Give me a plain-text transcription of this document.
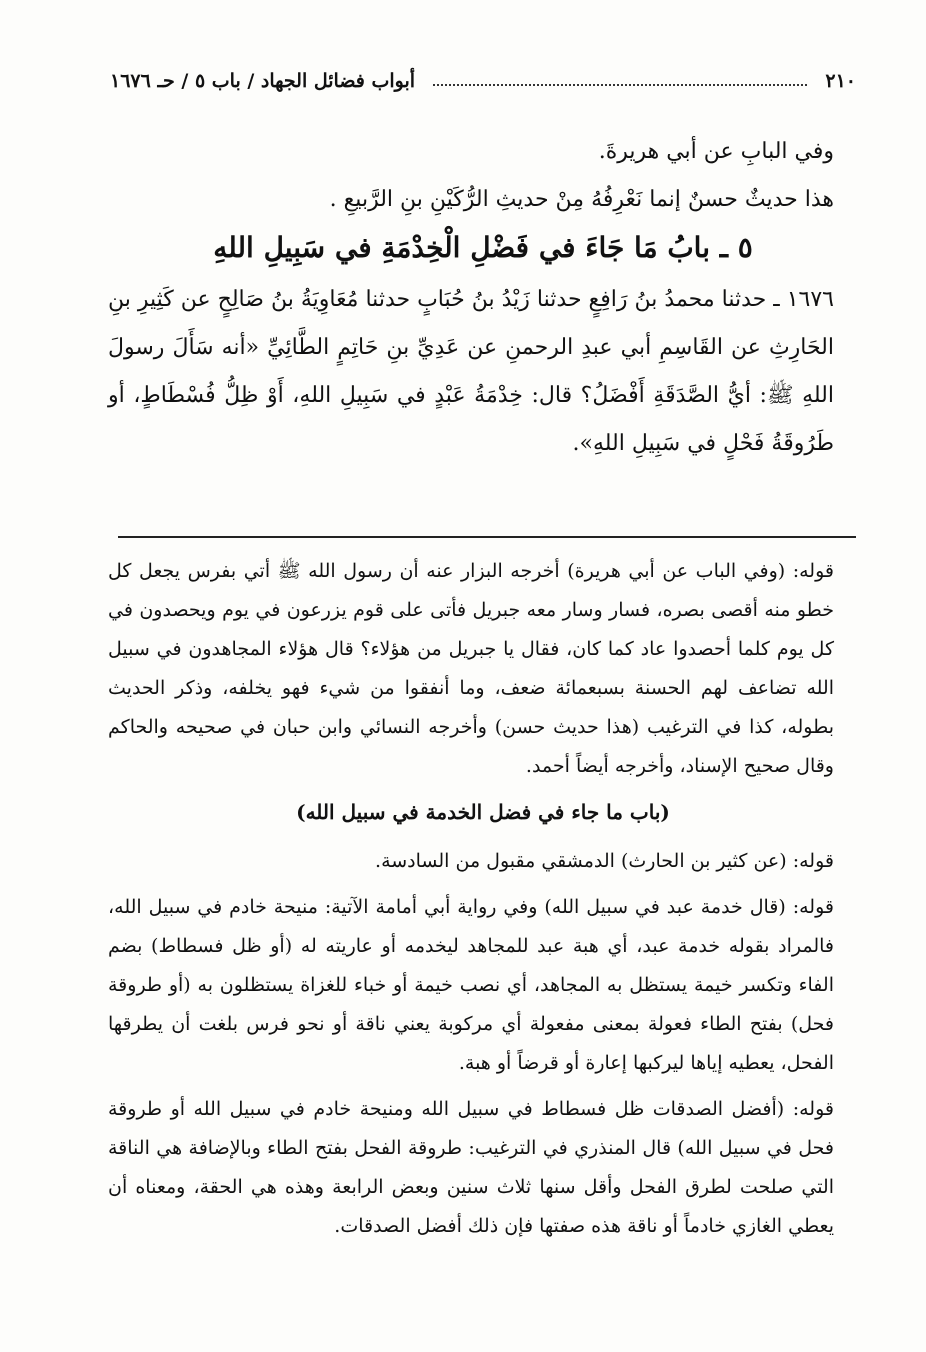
٢١٠
أبواب فضائل الجهاد / باب ٥ / حـ ١٦٧٦

وفي البابِ عن أبي هريرةَ.

هذا حديثٌ حسنٌ إنما نَعْرِفُهُ مِنْ حديثِ الرُّكَيْنِ بنِ الرَّبيعِ .

٥ ـ بابُ مَا جَاءَ في فَضْلِ الْخِدْمَةِ في سَبِيلِ اللهِ

١٦٧٦ ـ حدثنا محمدُ بنُ رَافِعٍ حدثنا زَيْدُ بنُ حُبَابٍ حدثنا مُعَاوِيَةُ بنُ صَالِحٍ عن كَثِيرِ بنِ الحَارِثِ عن القَاسِمِ أبي عبدِ الرحمنِ عن عَدِيِّ بنِ حَاتِمٍ الطَّائِيِّ «أنه سَأَلَ رسولَ اللهِ ﷺ: أيُّ الصَّدَقَةِ أَفْضَلُ؟ قال: خِدْمَةُ عَبْدٍ في سَبِيلِ اللهِ، أَوْ ظِلُّ فُسْطَاطٍ، أو طَرُوقَةُ فَحْلٍ في سَبِيلِ اللهِ».

قوله: (وفي الباب عن أبي هريرة) أخرجه البزار عنه أن رسول الله ﷺ أتي بفرس يجعل كل خطو منه أقصى بصره، فسار وسار معه جبريل فأتى على قوم يزرعون في يوم ويحصدون في كل يوم كلما أحصدوا عاد كما كان، فقال يا جبريل من هؤلاء؟ قال هؤلاء المجاهدون في سبيل الله تضاعف لهم الحسنة بسبعمائة ضعف، وما أنفقوا من شيء فهو يخلفه، وذكر الحديث بطوله، كذا في الترغيب (هذا حديث حسن) وأخرجه النسائي وابن حبان في صحيحه والحاكم وقال صحيح الإسناد، وأخرجه أيضاً أحمد.

(باب ما جاء في فضل الخدمة في سبيل الله)

قوله: (عن كثير بن الحارث) الدمشقي مقبول من السادسة.

قوله: (قال خدمة عبد في سبيل الله) وفي رواية أبي أمامة الآتية: منيحة خادم في سبيل الله، فالمراد بقوله خدمة عبد، أي هبة عبد للمجاهد ليخدمه أو عاريته له (أو ظل فسطاط) بضم الفاء وتكسر خيمة يستظل به المجاهد، أي نصب خيمة أو خباء للغزاة يستظلون به (أو طروقة فحل) بفتح الطاء فعولة بمعنى مفعولة أي مركوبة يعني ناقة أو نحو فرس بلغت أن يطرقها الفحل، يعطيه إياها ليركبها إعارة أو قرضاً أو هبة.

قوله: (أفضل الصدقات ظل فسطاط في سبيل الله ومنيحة خادم في سبيل الله أو طروقة فحل في سبيل الله) قال المنذري في الترغيب: طروقة الفحل بفتح الطاء وبالإضافة هي الناقة التي صلحت لطرق الفحل وأقل سنها ثلاث سنين وبعض الرابعة وهذه هي الحقة، ومعناه أن يعطي الغازي خادماً أو ناقة هذه صفتها فإن ذلك أفضل الصدقات.
